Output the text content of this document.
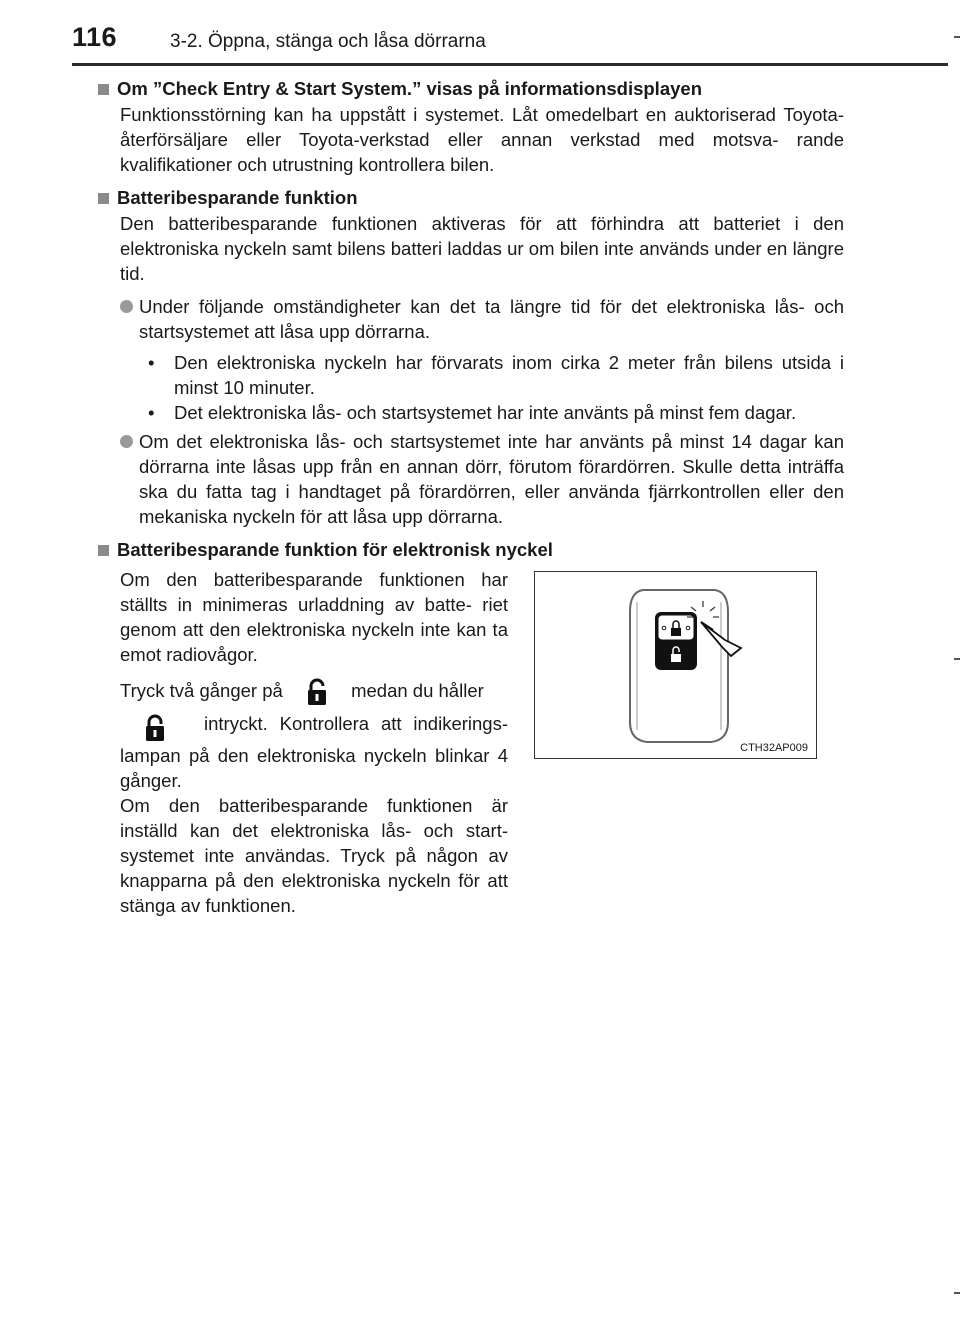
116	3-2. Öppna, stänga och låsa dörrarna
Om ”Check Entry & Start System.” visas på informationsdisplayen
Funktionsstörning kan ha uppstått i systemet. Låt omedelbart en auktoriserad Toyota-återförsäljare eller Toyota-verkstad eller annan verkstad med motsva- rande kvalifikationer och utrustning kontrollera bilen.
Batteribesparande funktion
Den batteribesparande funktionen aktiveras för att förhindra att batteriet i den elektroniska nyckeln samt bilens batteri laddas ur om bilen inte används under en längre tid.
Under följande omständigheter kan det ta längre tid för det elektroniska lås- och startsystemet att låsa upp dörrarna.
•	Den elektroniska nyckeln har förvarats inom cirka 2 meter från bilens utsida i minst 10 minuter.
•	Det elektroniska lås- och startsystemet har inte använts på minst fem dagar.
Om det elektroniska lås- och startsystemet inte har använts på minst 14 dagar kan dörrarna inte låsas upp från en annan dörr, förutom förardörren. Skulle detta inträffa ska du fatta tag i handtaget på förardörren, eller använda fjärrkontrollen eller den mekaniska nyckeln för att låsa upp dörrarna.
Batteribesparande funktion för elektronisk nyckel

Om den batteribesparande funktionen har ställts in minimeras urladdning av batte- riet genom att den elektroniska nyckeln inte kan ta emot radiovågor.

Tryck två gånger på	medan du håller
intryckt. Kontrollera att indikerings- lampan på den elektroniska nyckeln blinkar 4 gånger.

Om den batteribesparande funktionen är inställd kan det elektroniska lås- och start- systemet inte användas. Tryck på någon av knapparna på den elektroniska nyckeln för att stänga av funktionen.

CTH32AP009
